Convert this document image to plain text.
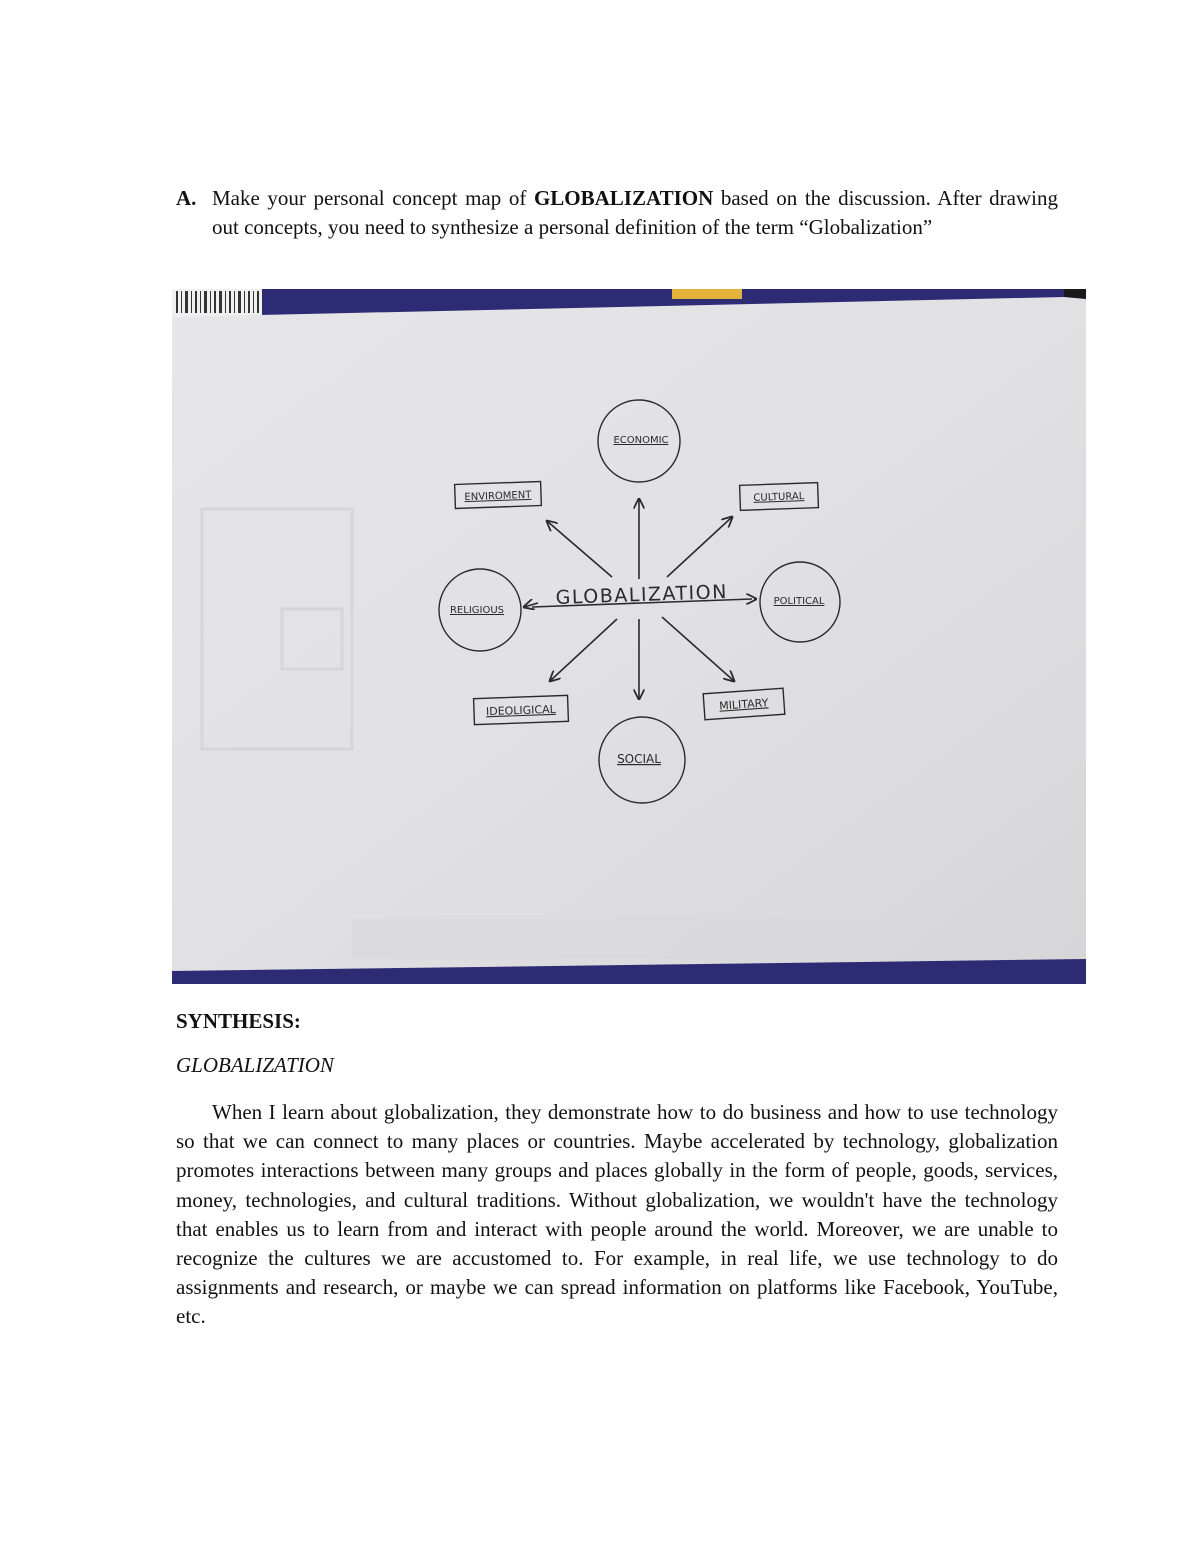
A. Make your personal concept map of GLOBALIZATION based on the discussion. After drawing out concepts, you need to synthesize a personal definition of the term “Globalization”
GLOBALIZATION
ECONOMIC
ENVIROMENT	CULTURAL
RELIGIOUS
POLITICAL
IDEOLIGICAL	MILITARY
SOCIAL
SYNTHESIS:
GLOBALIZATION
When I learn about globalization, they demonstrate how to do business and how to use technology so that we can connect to many places or countries. Maybe accelerated by technology, globalization promotes interactions between many groups and places globally in the form of people, goods, services, money, technologies, and cultural traditions. Without globalization, we wouldn't have the technology that enables us to learn from and interact with people around the world. Moreover, we are unable to recognize the cultures we are accustomed to. For example, in real life, we use technology to do assignments and research, or maybe we can spread information on platforms like Facebook, YouTube, etc.
